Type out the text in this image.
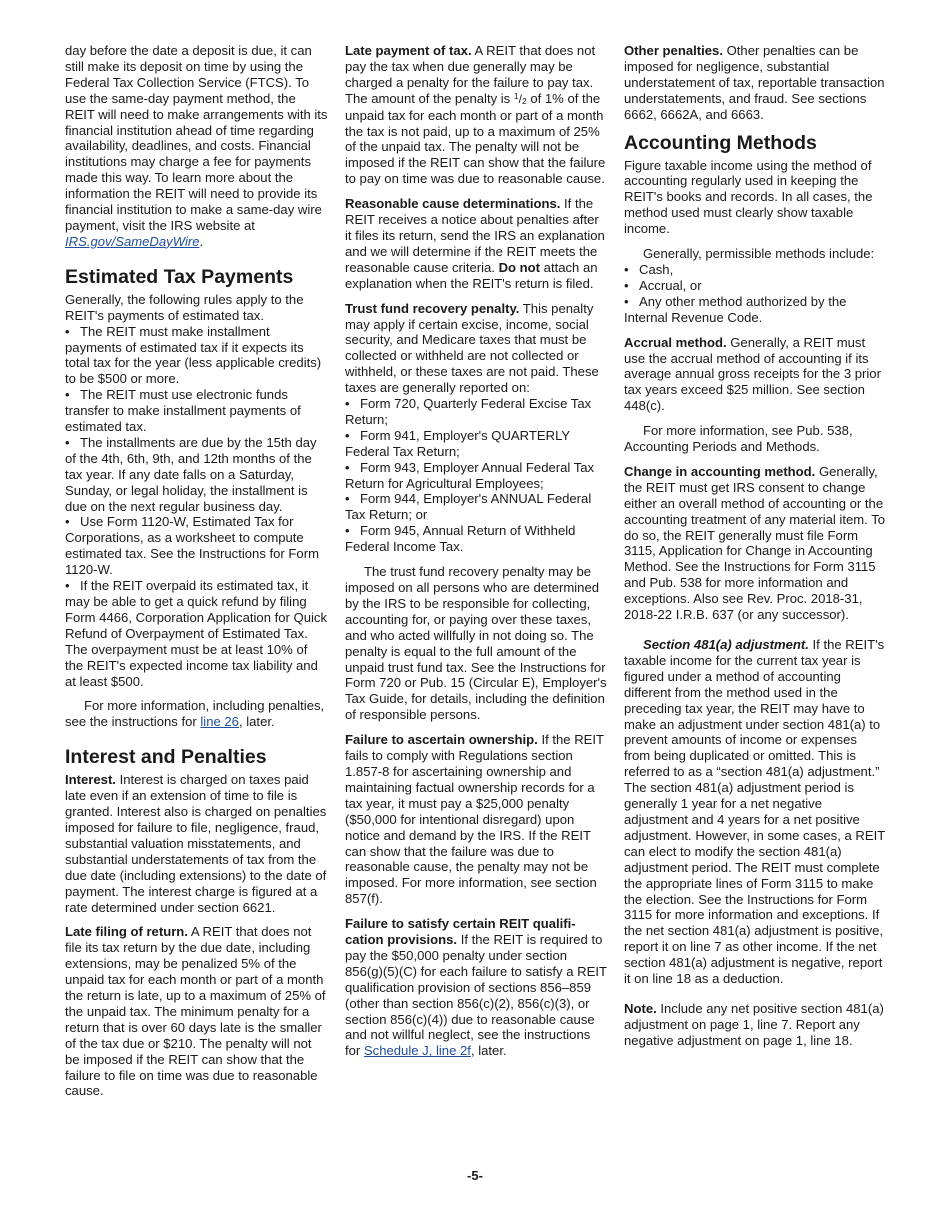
day before the date a deposit is due, it can still make its deposit on time by using the Federal Tax Collection Service (FTCS). To use the same-day payment method, the REIT will need to make arrangements with its financial institution ahead of time regarding availability, deadlines, and costs. Financial institutions may charge a fee for payments made this way. To learn more about the information the REIT will need to provide its financial institution to make a same-day wire payment, visit the IRS website at IRS.gov/SameDayWire.

Estimated Tax Payments

Generally, the following rules apply to the REIT's payments of estimated tax.

• The REIT must make installment payments of estimated tax if it expects its total tax for the year (less applicable credits) to be $500 or more.
• The REIT must use electronic funds transfer to make installment payments of estimated tax.
• The installments are due by the 15th day of the 4th, 6th, 9th, and 12th months of the tax year. If any date falls on a Saturday, Sunday, or legal holiday, the installment is due on the next regular business day.
• Use Form 1120-W, Estimated Tax for Corporations, as a worksheet to compute estimated tax. See the Instructions for Form 1120-W.
• If the REIT overpaid its estimated tax, it may be able to get a quick refund by filing Form 4466, Corporation Application for Quick Refund of Overpayment of Estimated Tax. The overpayment must be at least 10% of the REIT's expected income tax liability and at least $500.

For more information, including penalties, see the instructions for line 26, later.

Interest and Penalties

Interest. Interest is charged on taxes paid late even if an extension of time to file is granted. Interest also is charged on penalties imposed for failure to file, negligence, fraud, substantial valuation misstatements, and substantial understatements of tax from the due date (including extensions) to the date of payment. The interest charge is figured at a rate determined under section 6621.

Late filing of return. A REIT that does not file its tax return by the due date, including extensions, may be penalized 5% of the unpaid tax for each month or part of a month the return is late, up to a maximum of 25% of the unpaid tax. The minimum penalty for a return that is over 60 days late is the smaller of the tax due or $210. The penalty will not be imposed if the REIT can show that the failure to file on time was due to reasonable cause.

Late payment of tax. A REIT that does not pay the tax when due generally may be charged a penalty for the failure to pay tax. The amount of the penalty is $^1$/2 of 1% of the unpaid tax for each month or part of a month the tax is not paid, up to a maximum of 25% of the unpaid tax. The penalty will not be imposed if the REIT can show that the failure to pay on time was due to reasonable cause.

Reasonable cause determinations. If the REIT receives a notice about penalties after it files its return, send the IRS an explanation and we will determine if the REIT meets the reasonable cause criteria. Do not attach an explanation when the REIT's return is filed.

Trust fund recovery penalty. This penalty may apply if certain excise, income, social security, and Medicare taxes that must be collected or withheld are not collected or withheld, or these taxes are not paid. These taxes are generally reported on:

• Form 720, Quarterly Federal Excise Tax Return;
• Form 941, Employer's QUARTERLY Federal Tax Return;
• Form 943, Employer Annual Federal Tax Return for Agricultural Employees;
• Form 944, Employer's ANNUAL Federal Tax Return; or
• Form 945, Annual Return of Withheld Federal Income Tax.

The trust fund recovery penalty may be imposed on all persons who are determined by the IRS to be responsible for collecting, accounting for, or paying over these taxes, and who acted willfully in not doing so. The penalty is equal to the full amount of the unpaid trust fund tax. See the Instructions for Form 720 or Pub. 15 (Circular E), Employer's Tax Guide, for details, including the definition of responsible persons.

Failure to ascertain ownership. If the REIT fails to comply with Regulations section 1.857-8 for ascertaining ownership and maintaining factual ownership records for a tax year, it must pay a $25,000 penalty ($50,000 for intentional disregard) upon notice and demand by the IRS. If the REIT can show that the failure was due to reasonable cause, the penalty may not be imposed. For more information, see section 857(f).

Failure to satisfy certain REIT qualifi-cation provisions. If the REIT is required to pay the $50,000 penalty under section 856(g)(5)(C) for each failure to satisfy a REIT qualification provision of sections 856–859 (other than section 856(c)(2), 856(c)(3), or section 856(c)(4)) due to reasonable cause and not willful neglect, see the instructions for Schedule J, line 2f, later.

Other penalties. Other penalties can be imposed for negligence, substantial understatement of tax, reportable transaction understatements, and fraud. See sections 6662, 6662A, and 6663.

Accounting Methods

Figure taxable income using the method of accounting regularly used in keeping the REIT's books and records. In all cases, the method used must clearly show taxable income.

Generally, permissible methods include:

• Cash,
• Accrual, or
• Any other method authorized by the Internal Revenue Code.

Accrual method. Generally, a REIT must use the accrual method of accounting if its average annual gross receipts for the 3 prior tax years exceed $25 million. See section 448(c).

For more information, see Pub. 538, Accounting Periods and Methods.

Change in accounting method. Generally, the REIT must get IRS consent to change either an overall method of accounting or the accounting treatment of any material item. To do so, the REIT generally must file Form 3115, Application for Change in Accounting Method. See the Instructions for Form 3115 and Pub. 538 for more information and exceptions. Also see Rev. Proc. 2018-31, 2018-22 I.R.B. 637 (or any successor).

Section 481(a) adjustment. If the REIT's taxable income for the current tax year is figured under a method of accounting different from the method used in the preceding tax year, the REIT may have to make an adjustment under section 481(a) to prevent amounts of income or expenses from being duplicated or omitted. This is referred to as a “section 481(a) adjustment.” The section 481(a) adjustment period is generally 1 year for a net negative adjustment and 4 years for a net positive adjustment. However, in some cases, a REIT can elect to modify the section 481(a) adjustment period. The REIT must complete the appropriate lines of Form 3115 to make the election. See the Instructions for Form 3115 for more information and exceptions. If the net section 481(a) adjustment is positive, report it on line 7 as other income. If the net section 481(a) adjustment is negative, report it on line 18 as a deduction.

Note. Include any net positive section 481(a) adjustment on page 1, line 7. Report any negative adjustment on page 1, line 18.

-5-
